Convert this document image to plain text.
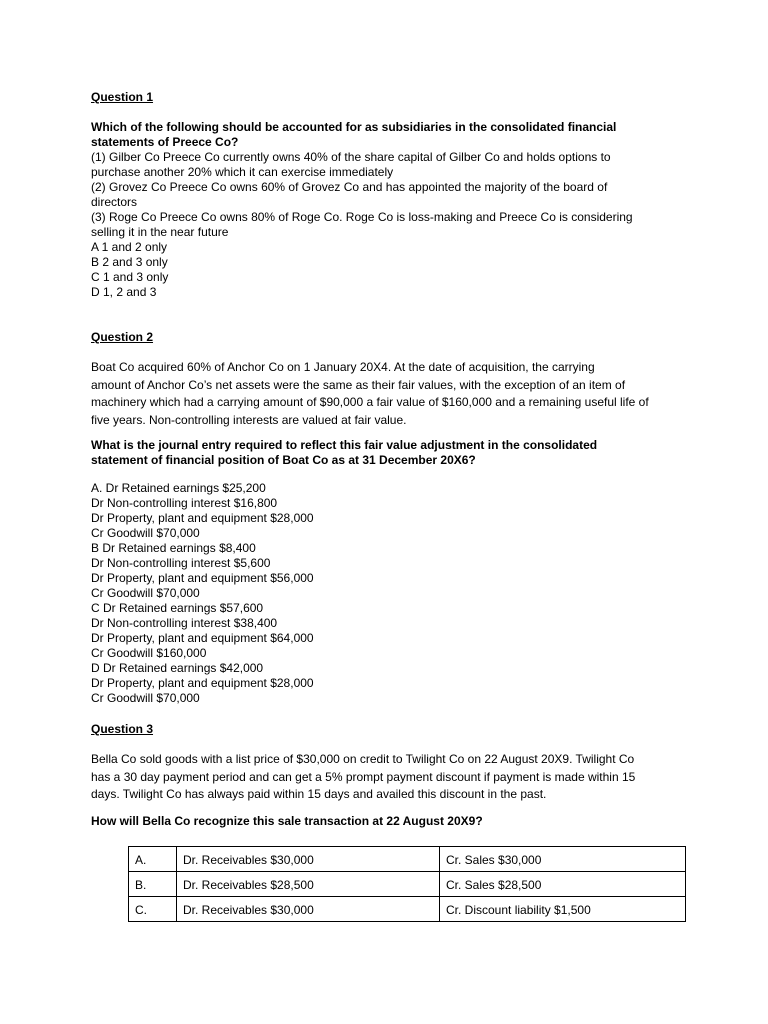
Question 1

Which of the following should be accounted for as subsidiaries in the consolidated financial

statements of Preece Co?

(1) Gilber Co Preece Co currently owns 40% of the share capital of Gilber Co and holds options to

purchase another 20% which it can exercise immediately

(2) Grovez Co Preece Co owns 60% of Grovez Co and has appointed the majority of the board of

directors

(3) Roge Co Preece Co owns 80% of Roge Co. Roge Co is loss-making and Preece Co is considering

selling it in the near future

A 1 and 2 only

B 2 and 3 only

C 1 and 3 only

D 1, 2 and 3

Question 2

Boat Co acquired 60% of Anchor Co on 1 January 20X4. At the date of acquisition, the carrying

amount of Anchor Co’s net assets were the same as their fair values, with the exception of an item of

machinery which had a carrying amount of $90,000 a fair value of $160,000 and a remaining useful life of

five years. Non-controlling interests are valued at fair value.

What is the journal entry required to reflect this fair value adjustment in the consolidated

statement of financial position of Boat Co as at 31 December 20X6?

A. Dr Retained earnings $25,200

Dr Non-controlling interest $16,800

Dr Property, plant and equipment $28,000

Cr Goodwill $70,000

B Dr Retained earnings $8,400

Dr Non-controlling interest $5,600

Dr Property, plant and equipment $56,000

Cr Goodwill $70,000

C Dr Retained earnings $57,600

Dr Non-controlling interest $38,400

Dr Property, plant and equipment $64,000

Cr Goodwill $160,000

D Dr Retained earnings $42,000

Dr Property, plant and equipment $28,000

Cr Goodwill $70,000

Question 3

Bella Co sold goods with a list price of $30,000 on credit to Twilight Co on 22 August 20X9. Twilight Co

has a 30 day payment period and can get a 5% prompt payment discount if payment is made within 15

days. Twilight Co has always paid within 15 days and availed this discount in the past.

How will Bella Co recognize this sale transaction at 22 August 20X9?

A.	Dr. Receivables $30,000	Cr. Sales $30,000
B.	Dr. Receivables $28,500	Cr. Sales $28,500
C.	Dr. Receivables $30,000	Cr. Discount liability $1,500
